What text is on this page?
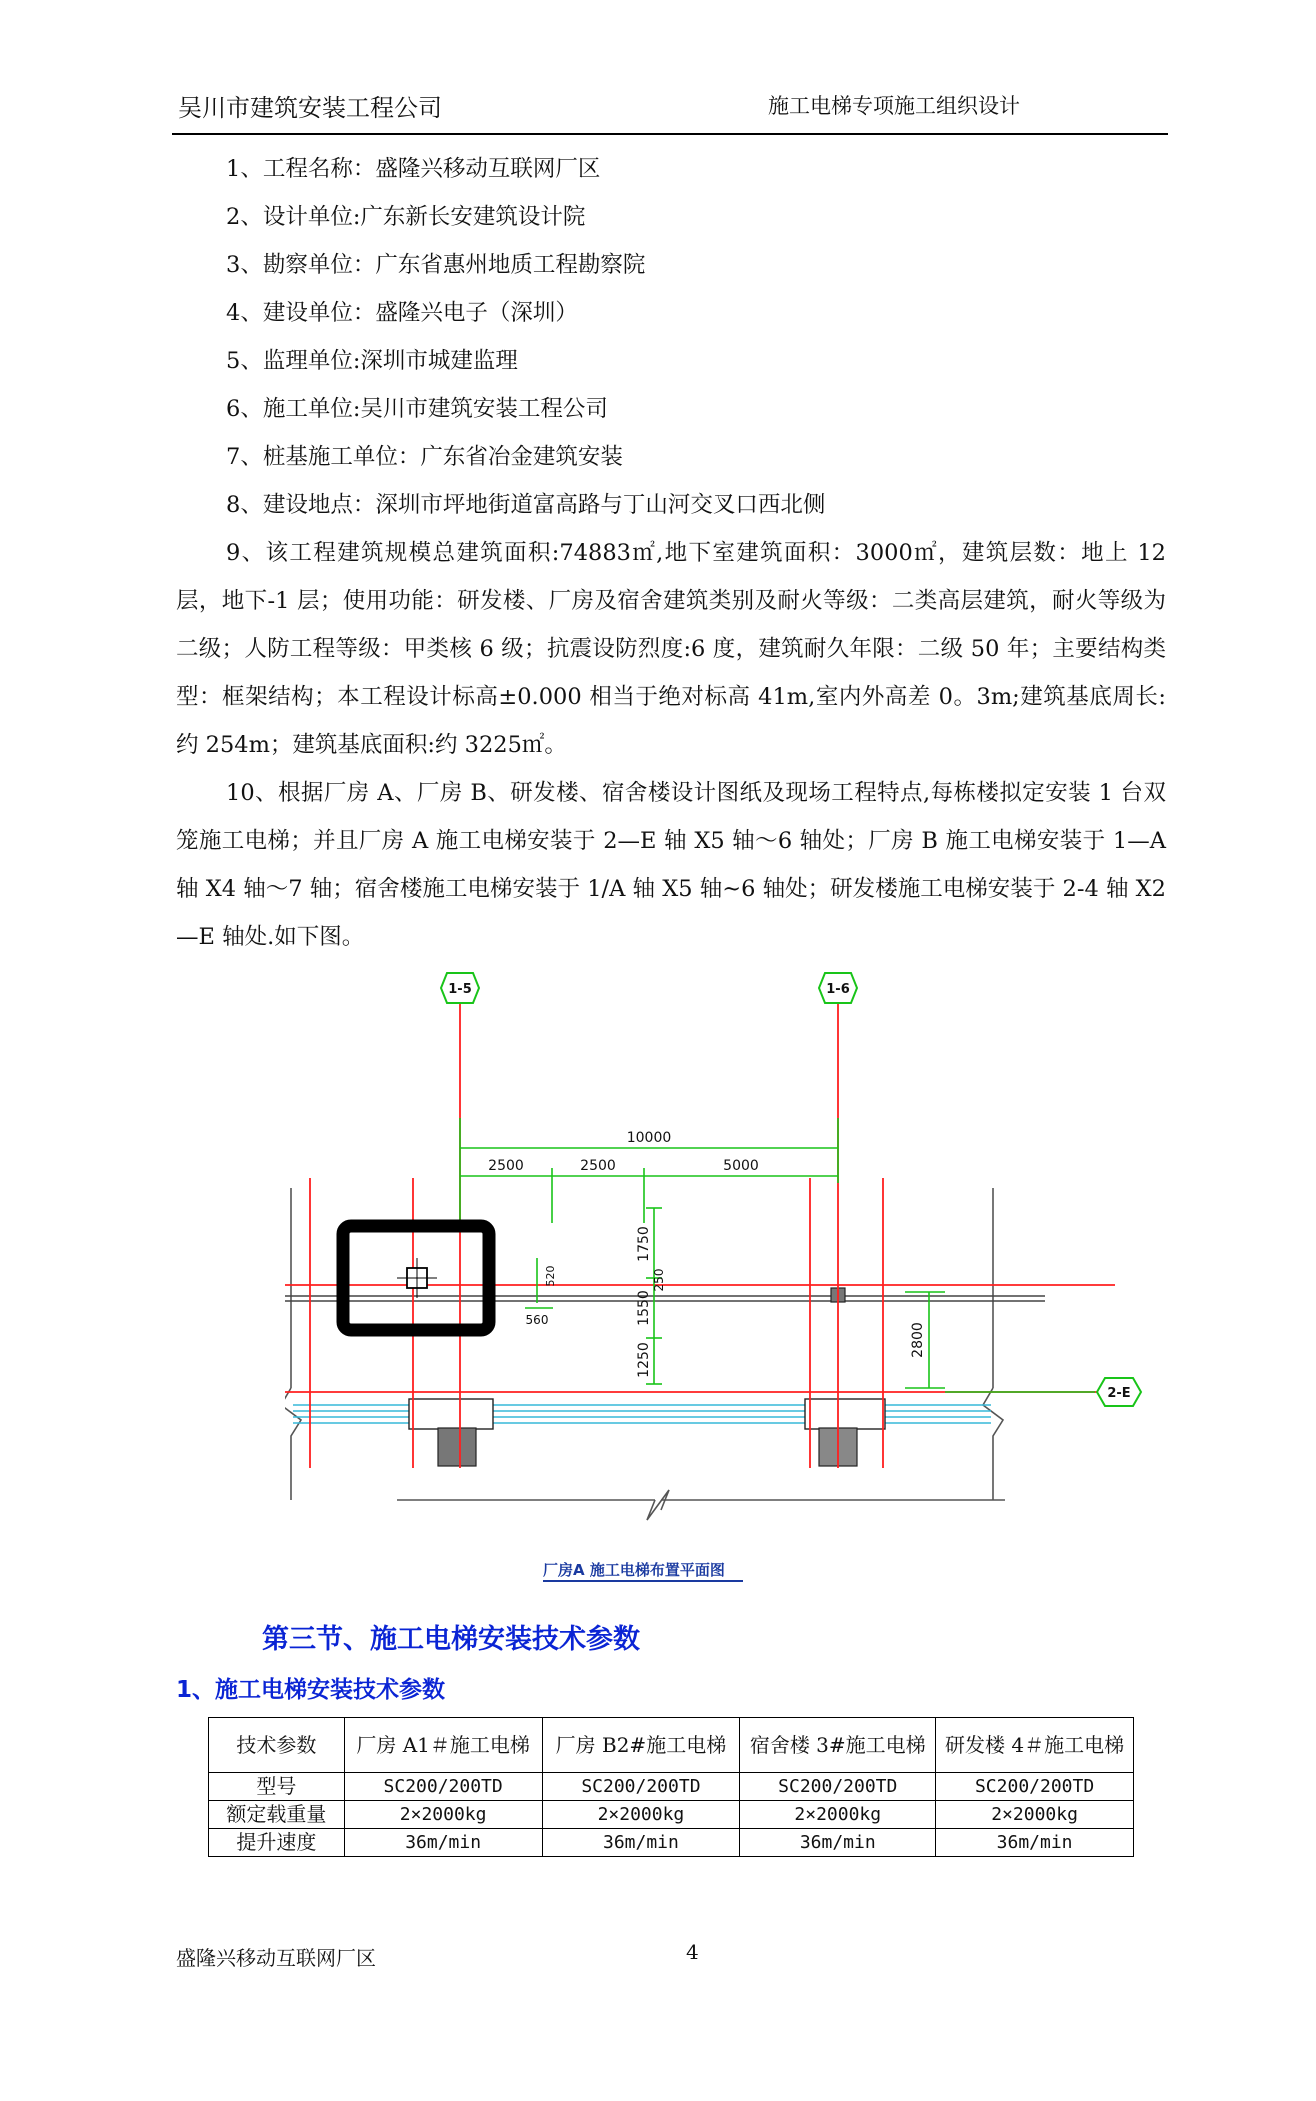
吴川市建筑安装工程公司	施工电梯专项施工组织设计

1、工程名称：盛隆兴移动互联网厂区

2、设计单位:广东新长安建筑设计院

3、勘察单位：广东省惠州地质工程勘察院

4、建设单位：盛隆兴电子（深圳）

5、监理单位:深圳市城建监理

6、施工单位:吴川市建筑安装工程公司

7、桩基施工单位：广东省冶金建筑安装

8、建设地点：深圳市坪地街道富高路与丁山河交叉口西北侧

9、该工程建筑规模总建筑面积:74883㎡,地下室建筑面积：3000㎡，建筑层数：地上 12 层，地下-1 层；使用功能：研发楼、厂房及宿舍建筑类别及耐火等级：二类高层建筑，耐火等级为二级；人防工程等级：甲类核 6 级；抗震设防烈度:6 度，建筑耐久年限：二级 50 年；主要结构类型：框架结构；本工程设计标高±0.000 相当于绝对标高 41m,室内外高差 0。3m;建筑基底周长:约 254m；建筑基底面积:约 3225㎡。

10、根据厂房 A、厂房 B、研发楼、宿舍楼设计图纸及现场工程特点,每栋楼拟定安装 1 台双笼施工电梯；并且厂房 A 施工电梯安装于 2—E 轴 X5 轴～6 轴处；厂房 B 施工电梯安装于 1—A 轴 X4 轴～7 轴；宿舍楼施工电梯安装于 1/A 轴 X5 轴~6 轴处；研发楼施工电梯安装于 2-4 轴 X2—E 轴处.如下图。

1-5	1-6
2-E
10000
2500	2500	5000
1750
1550
1250
250
2800
520
560
厂房A 施工电梯布置平面图
第三节、施工电梯安装技术参数
1、施工电梯安装技术参数
技术参数	厂房 A1＃施工电梯	厂房 B2#施工电梯	宿舍楼 3#施工电梯	研发楼 4＃施工电梯
型号	SC200/200TD	SC200/200TD	SC200/200TD	SC200/200TD
额定载重量	2×2000kg	2×2000kg	2×2000kg	2×2000kg
提升速度	36m/min	36m/min	36m/min	36m/min
盛隆兴移动互联网厂区	4
